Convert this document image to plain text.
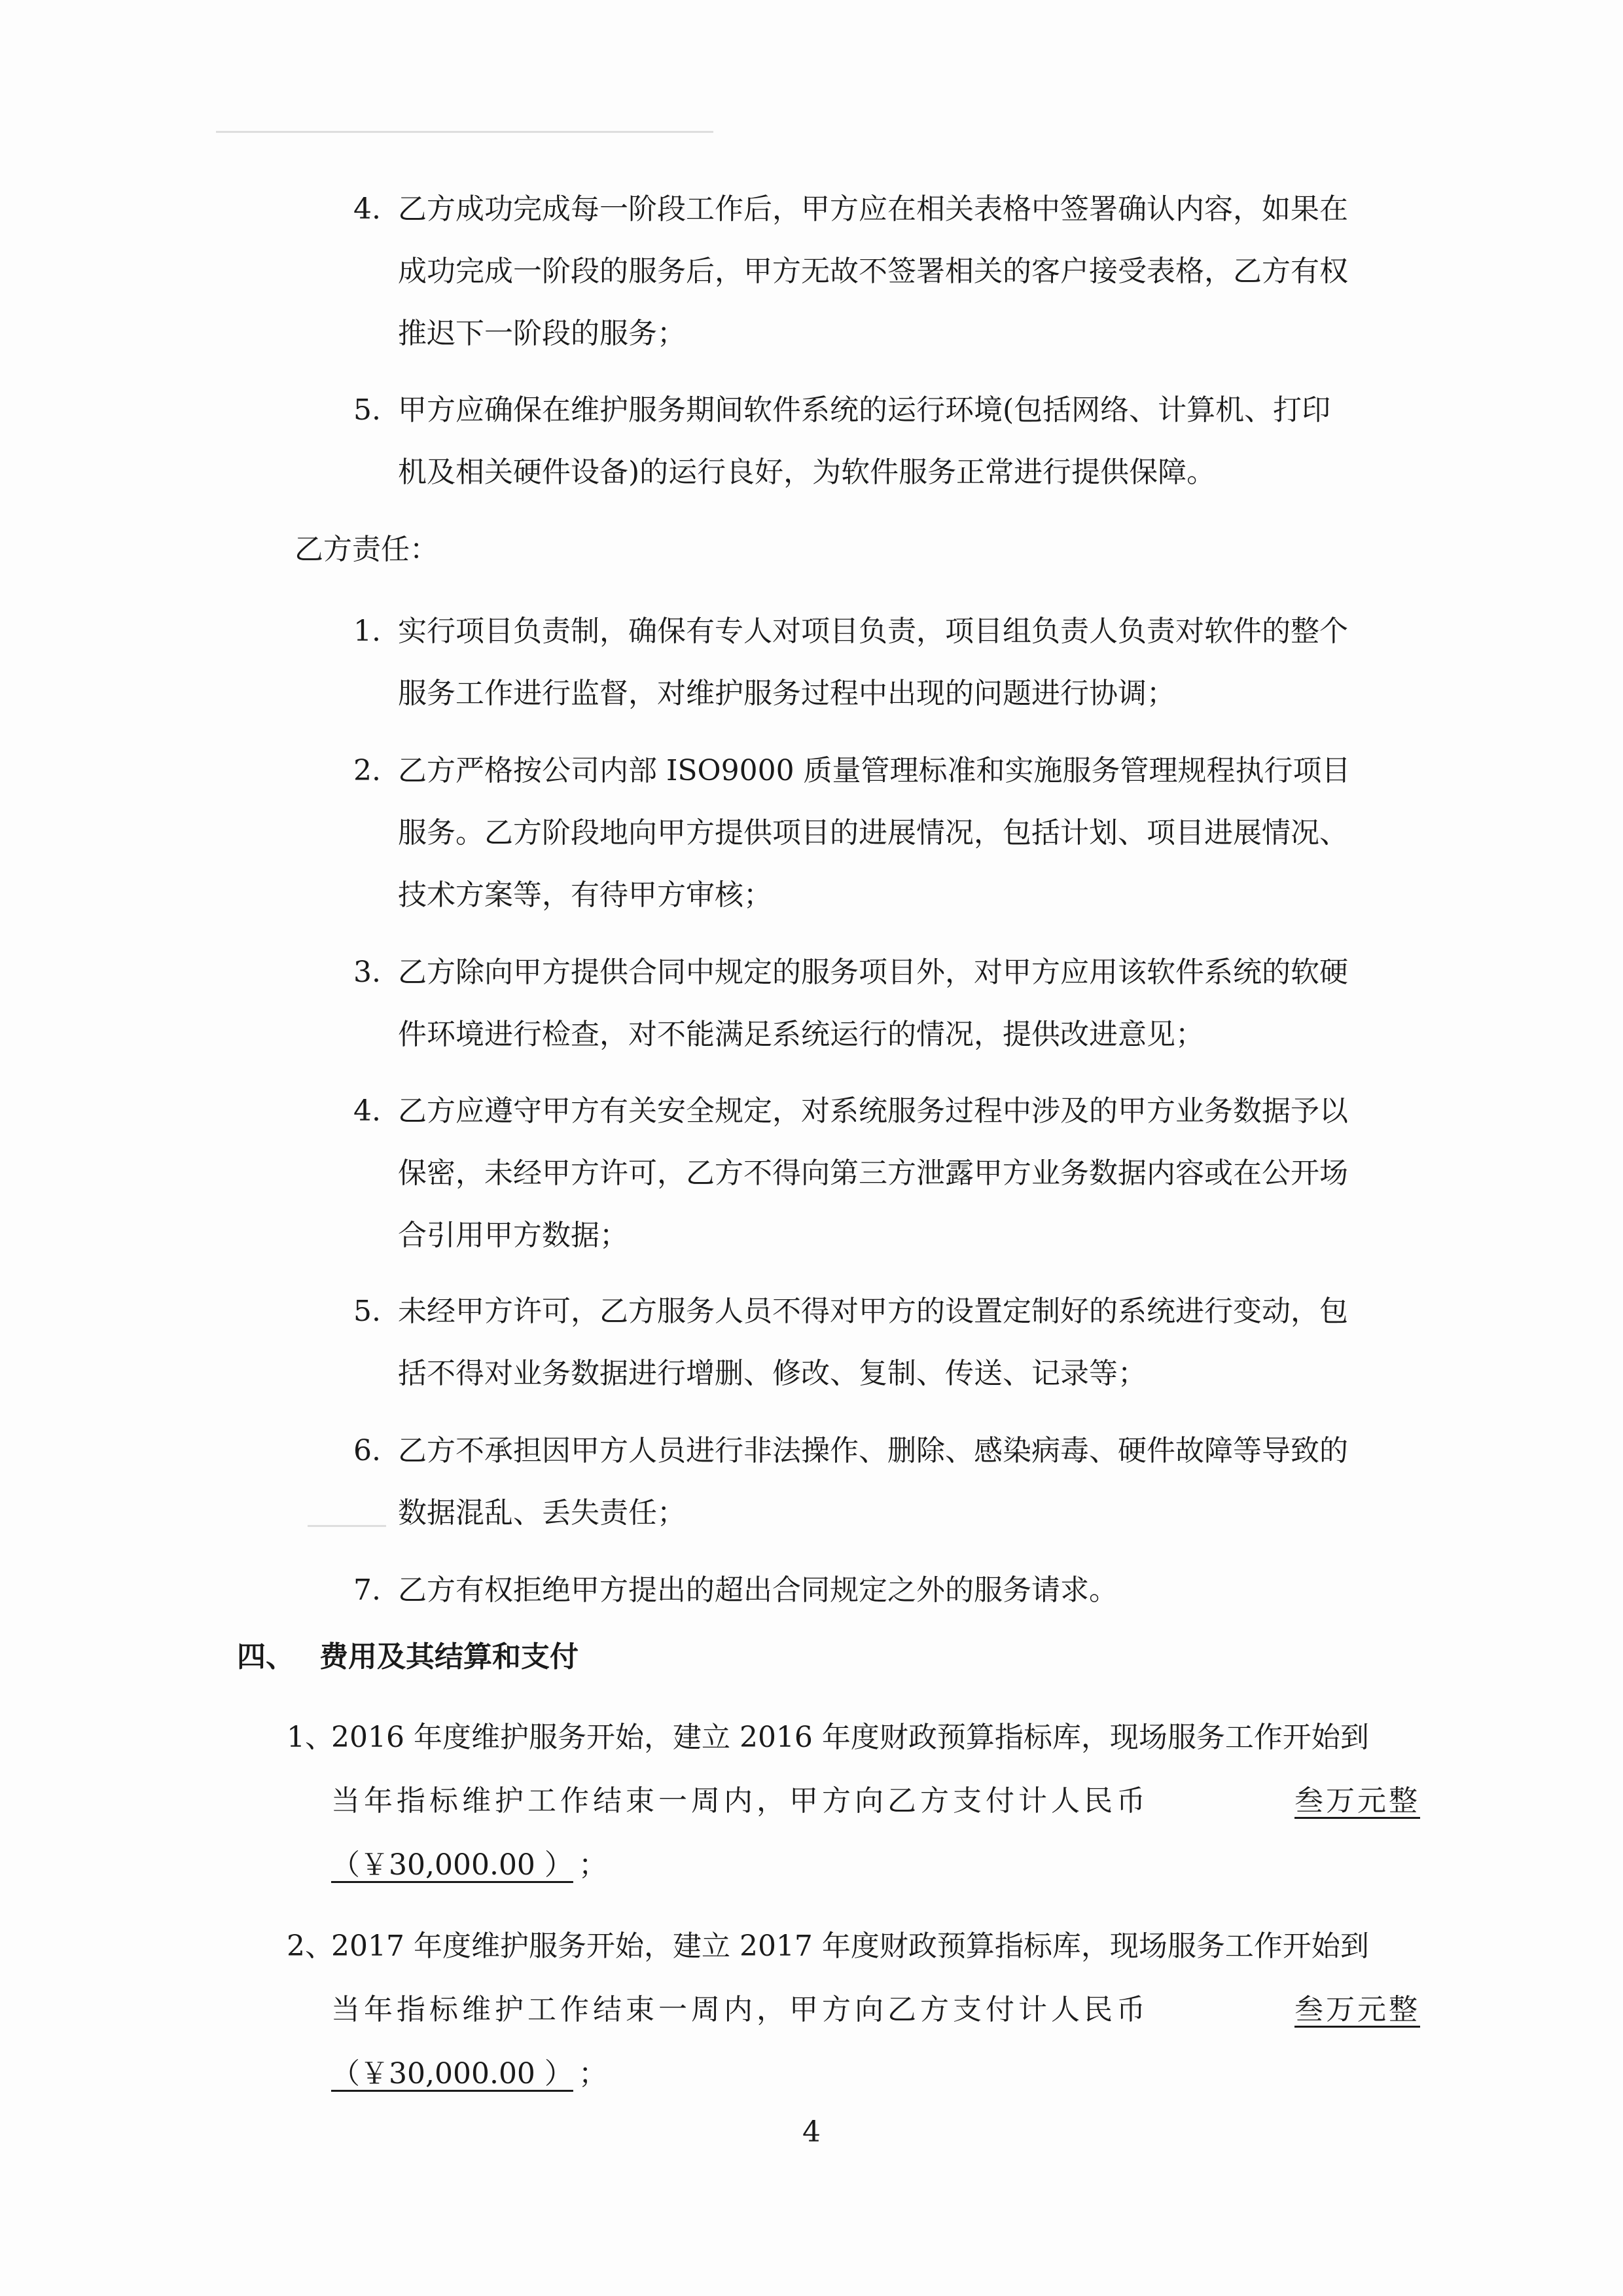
4. 乙方成功完成每一阶段工作后，甲方应在相关表格中签署确认内容，如果在
成功完成一阶段的服务后，甲方无故不签署相关的客户接受表格，乙方有权
推迟下一阶段的服务；
5. 甲方应确保在维护服务期间软件系统的运行环境(包括网络、计算机、打印
机及相关硬件设备)的运行良好，为软件服务正常进行提供保障。
乙方责任：
1. 实行项目负责制，确保有专人对项目负责，项目组负责人负责对软件的整个
服务工作进行监督，对维护服务过程中出现的问题进行协调；
2. 乙方严格按公司内部 ISO9000 质量管理标准和实施服务管理规程执行项目
服务。乙方阶段地向甲方提供项目的进展情况，包括计划、项目进展情况、
技术方案等，有待甲方审核；
3. 乙方除向甲方提供合同中规定的服务项目外，对甲方应用该软件系统的软硬
件环境进行检查，对不能满足系统运行的情况，提供改进意见；
4. 乙方应遵守甲方有关安全规定，对系统服务过程中涉及的甲方业务数据予以
保密，未经甲方许可，乙方不得向第三方泄露甲方业务数据内容或在公开场
合引用甲方数据；
5. 未经甲方许可，乙方服务人员不得对甲方的设置定制好的系统进行变动，包
括不得对业务数据进行增删、修改、复制、传送、记录等；
6. 乙方不承担因甲方人员进行非法操作、删除、感染病毒、硬件故障等导致的
数据混乱、丢失责任；
7. 乙方有权拒绝甲方提出的超出合同规定之外的服务请求。
四、 费用及其结算和支付
1、
2016 年度维护服务开始，建立 2016 年度财政预算指标库，现场服务工作开始到
当年指标维护工作结束一周内，甲方向乙方支付计人民币	叁万元整
（￥30,000.00 ） ；
2、
2017 年度维护服务开始，建立 2017 年度财政预算指标库，现场服务工作开始到
当年指标维护工作结束一周内，甲方向乙方支付计人民币	叁万元整
（￥30,000.00 ） ；
4
